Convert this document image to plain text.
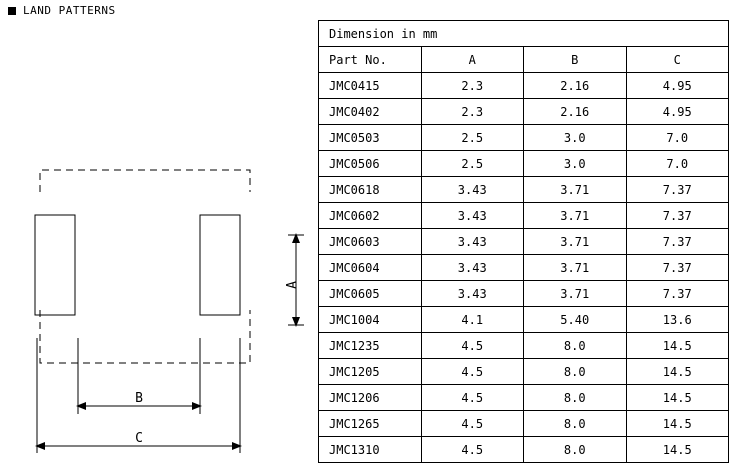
LAND PATTERNS
A
B
C
Dimension in mm			
Part No.	A	B	C
JMC0415	2.3	2.16	4.95
JMC0402	2.3	2.16	4.95
JMC0503	2.5	3.0	7.0
JMC0506	2.5	3.0	7.0
JMC0618	3.43	3.71	7.37
JMC0602	3.43	3.71	7.37
JMC0603	3.43	3.71	7.37
JMC0604	3.43	3.71	7.37
JMC0605	3.43	3.71	7.37
JMC1004	4.1	5.40	13.6
JMC1235	4.5	8.0	14.5
JMC1205	4.5	8.0	14.5
JMC1206	4.5	8.0	14.5
JMC1265	4.5	8.0	14.5
JMC1310	4.5	8.0	14.5
